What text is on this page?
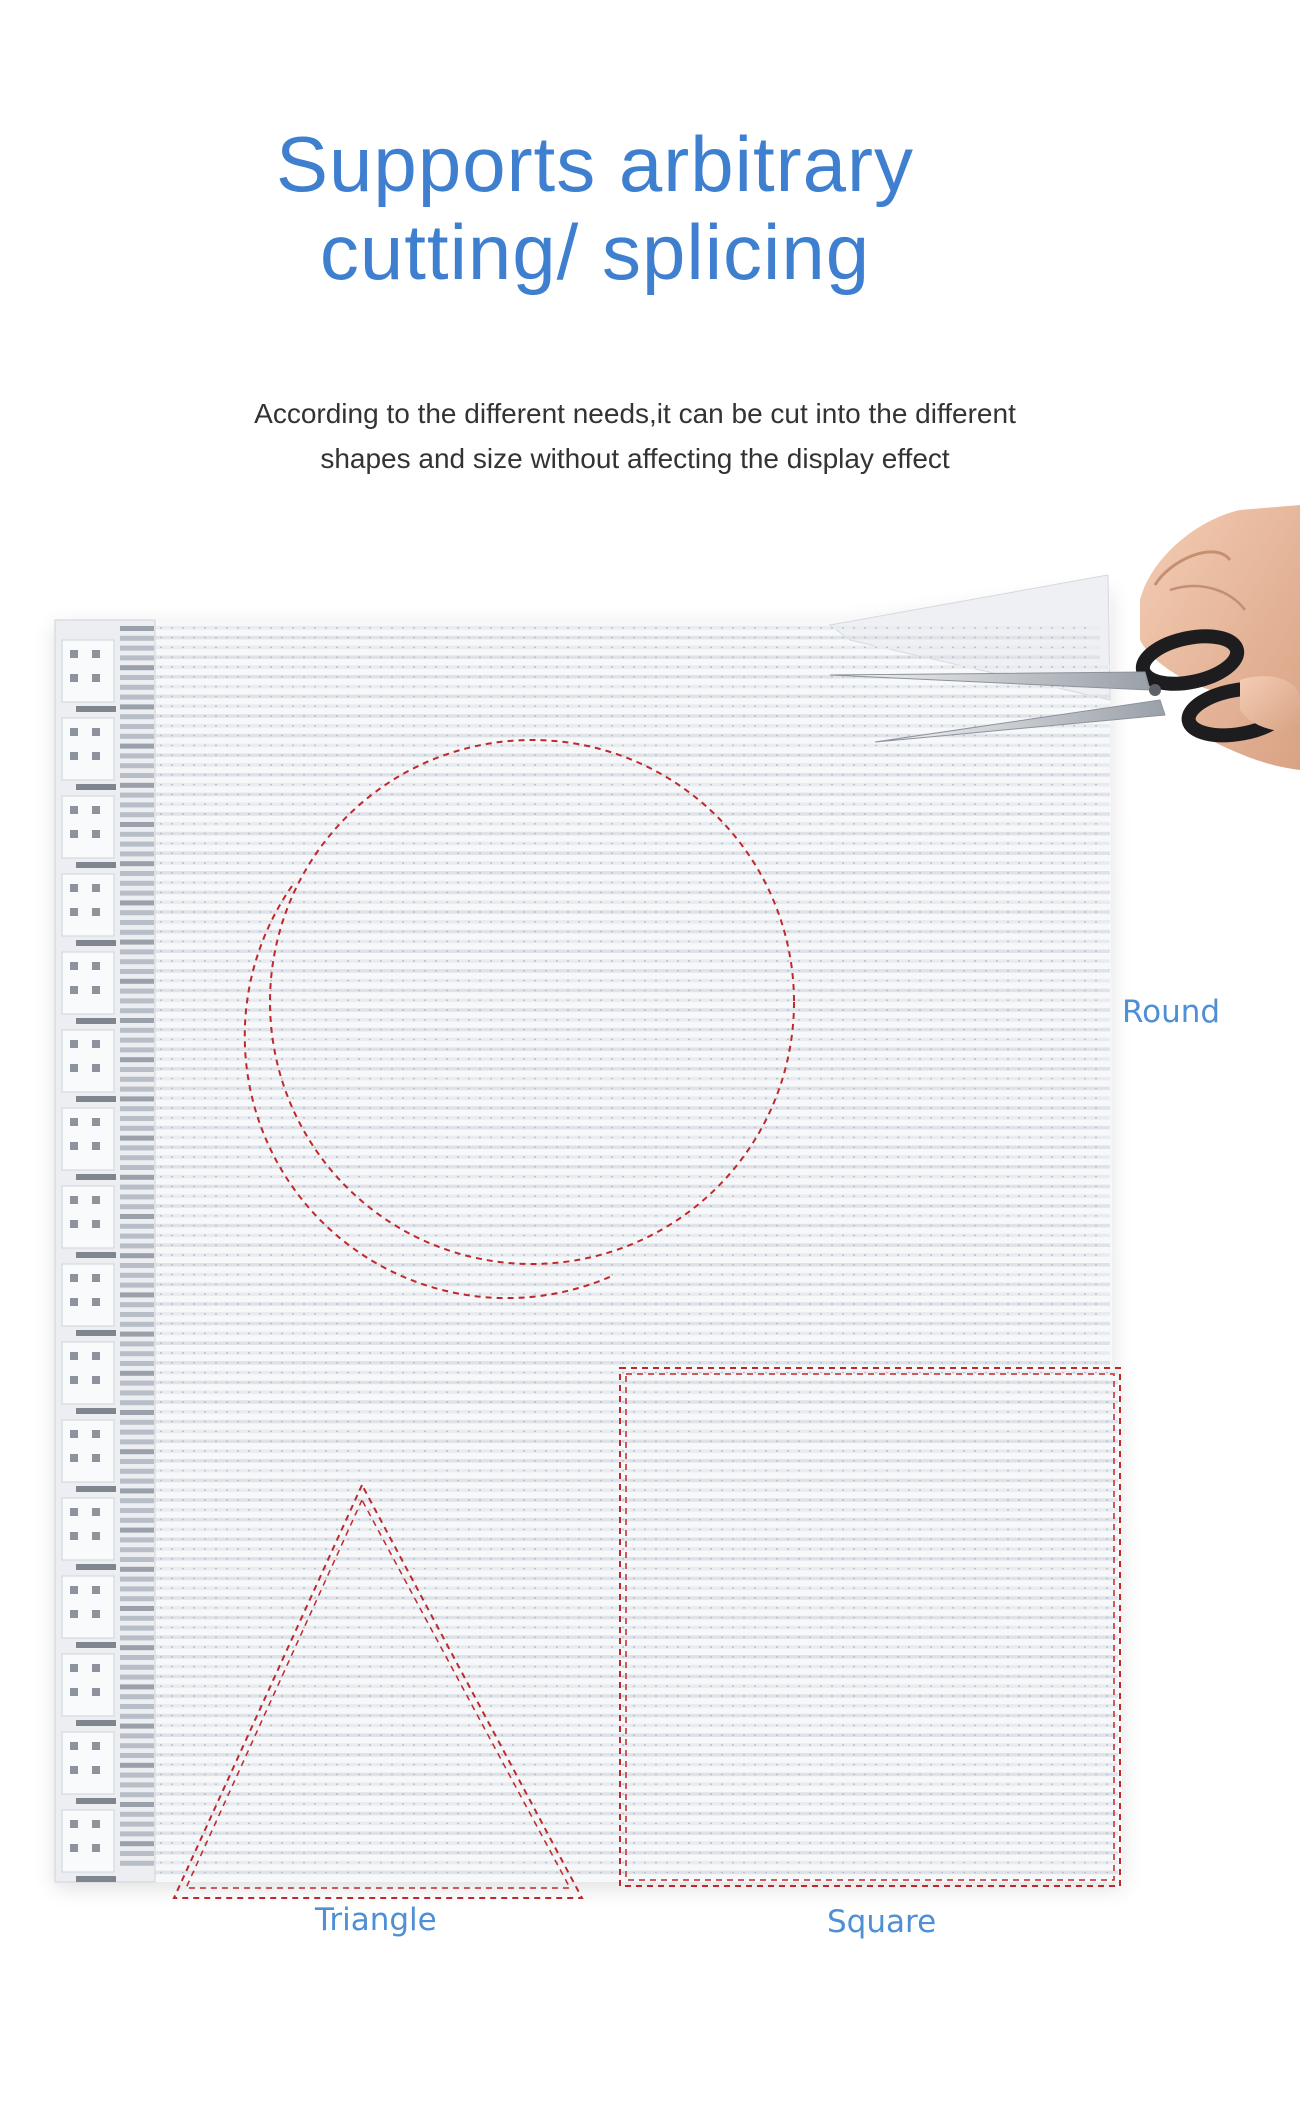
Supports arbitrary
cutting/ splicing

According to the different needs,it can be cut into the different

shapes and size without affecting the display effect

Round
Triangle	Square
